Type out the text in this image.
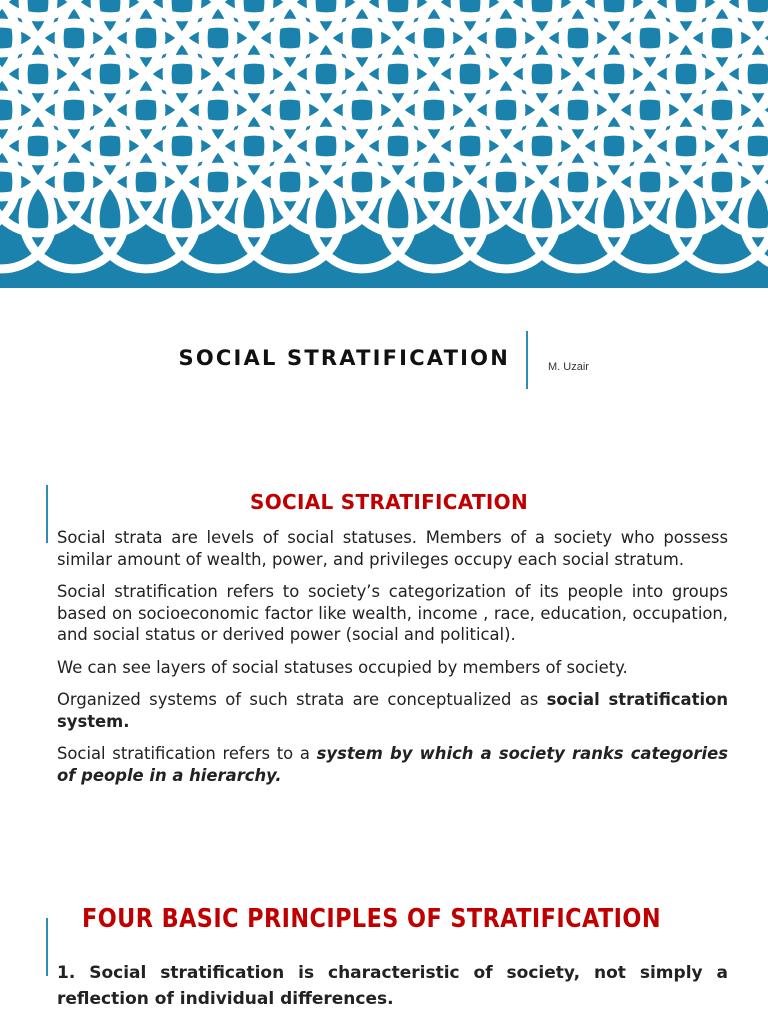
SOCIAL STRATIFICATION	M. Uzair
SOCIAL STRATIFICATION

Social strata are levels of social statuses. Members of a society who possess similar amount of wealth, power, and privileges occupy each social stratum.

Social stratification refers to society’s categorization of its people into groups based on socioeconomic factor like wealth, income , race, education, occupation, and social status or derived power (social and political).

We can see layers of social statuses occupied by members of society.

Organized systems of such strata are conceptualized as social stratification system.

Social stratification refers to a system by which a society ranks categories of people in a hierarchy.

FOUR BASIC PRINCIPLES OF STRATIFICATION
1. Social stratification is characteristic of society, not simply a reflection of individual differences.
